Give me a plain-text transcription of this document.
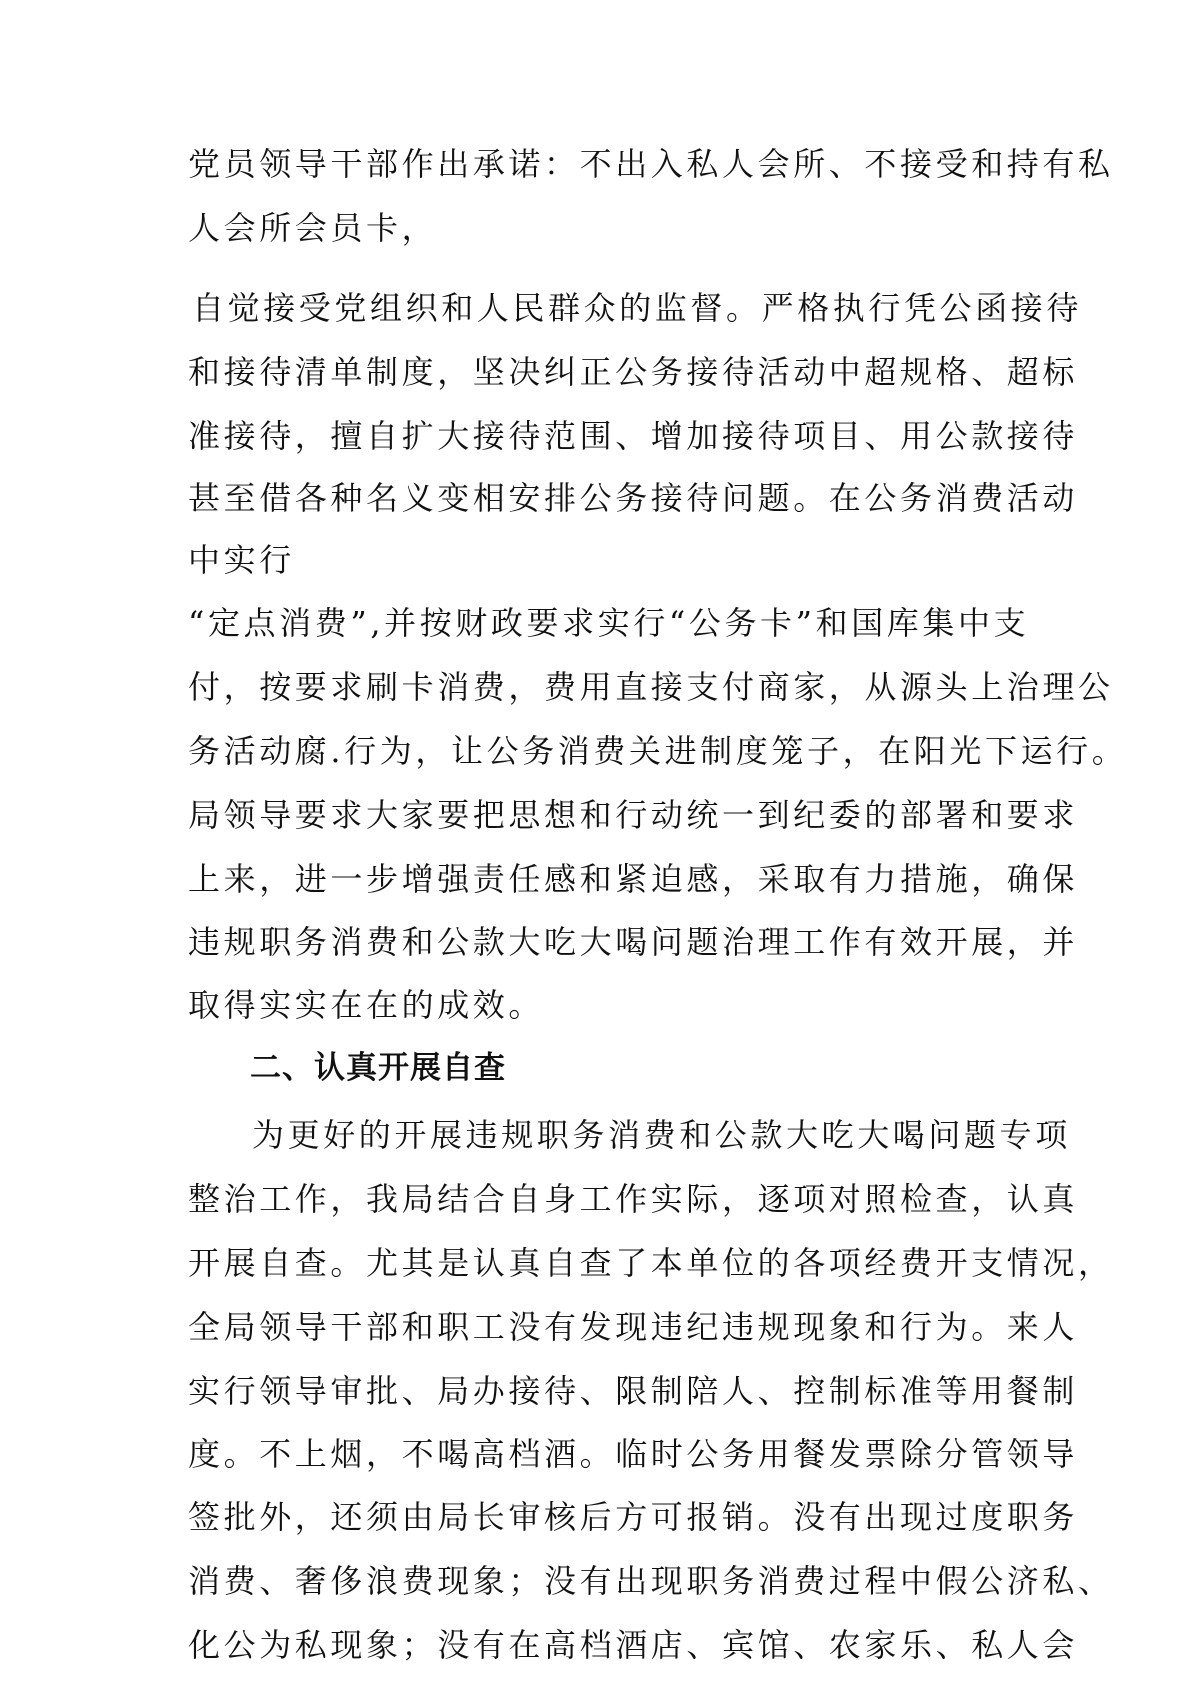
党员领导干部作出承诺：不出入私人会所、不接受和持有私
人会所会员卡，
自觉接受党组织和人民群众的监督。严格执行凭公函接待
和接待清单制度，坚决纠正公务接待活动中超规格、超标
准接待，擅自扩大接待范围、增加接待项目、用公款接待
甚至借各种名义变相安排公务接待问题。在公务消费活动
中实行
“定点消费”,并按财政要求实行“公务卡”和国库集中支
付，按要求刷卡消费，费用直接支付商家，从源头上治理公
务活动腐.行为，让公务消费关进制度笼子，在阳光下运行。
局领导要求大家要把思想和行动统一到纪委的部署和要求
上来，进一步增强责任感和紧迫感，采取有力措施，确保
违规职务消费和公款大吃大喝问题治理工作有效开展，并
取得实实在在的成效。
二、认真开展自查
为更好的开展违规职务消费和公款大吃大喝问题专项
整治工作，我局结合自身工作实际，逐项对照检查，认真
开展自查。尤其是认真自查了本单位的各项经费开支情况，
全局领导干部和职工没有发现违纪违规现象和行为。来人
实行领导审批、局办接待、限制陪人、控制标准等用餐制
度。不上烟，不喝高档酒。临时公务用餐发票除分管领导
签批外，还须由局长审核后方可报销。没有出现过度职务
消费、奢侈浪费现象；没有出现职务消费过程中假公济私、
化公为私现象；没有在高档酒店、宾馆、农家乐、私人会
